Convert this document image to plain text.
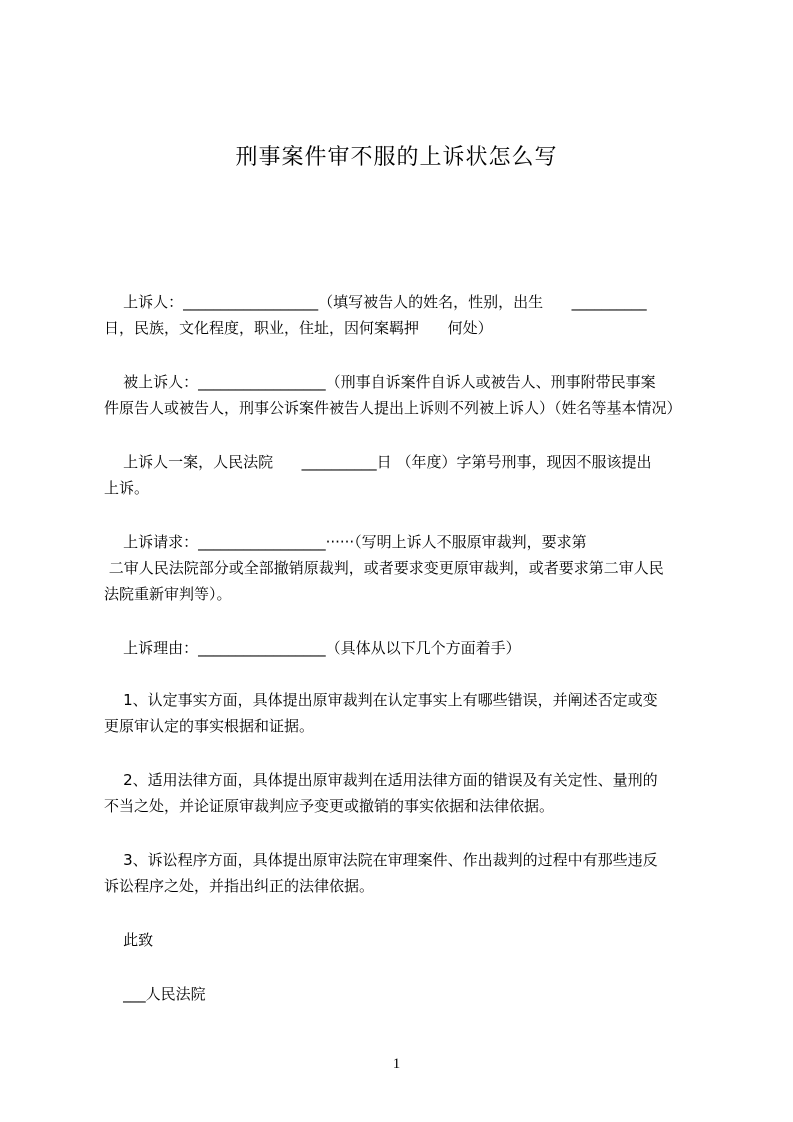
刑事案件审不服的上诉状怎么写
上诉人：__________________（填写被告人的姓名，性别，出生      __________
日，民族，文化程度，职业，住址，因何案羁押      何处）
被上诉人：_________________（刑事自诉案件自诉人或被告人、刑事附带民事案
件原告人或被告人，刑事公诉案件被告人提出上诉则不列被上诉人）（姓名等基本情况）
上诉人一案，人民法院      __________日 （年度）字第号刑事，现因不服该提出
上诉。
上诉请求：_________________······（写明上诉人不服原审裁判，要求第
二审人民法院部分或全部撤销原裁判，或者要求变更原审裁判，或者要求第二审人民
法院重新审判等）。
上诉理由：_________________（具体从以下几个方面着手）
1、认定事实方面，具体提出原审裁判在认定事实上有哪些错误，并阐述否定或变
更原审认定的事实根据和证据。
2、适用法律方面，具体提出原审裁判在适用法律方面的错误及有关定性、量刑的
不当之处，并论证原审裁判应予变更或撤销的事实依据和法律依据。
3、诉讼程序方面，具体提出原审法院在审理案件、作出裁判的过程中有那些违反
诉讼程序之处，并指出纠正的法律依据。
此致
___人民法院
1
